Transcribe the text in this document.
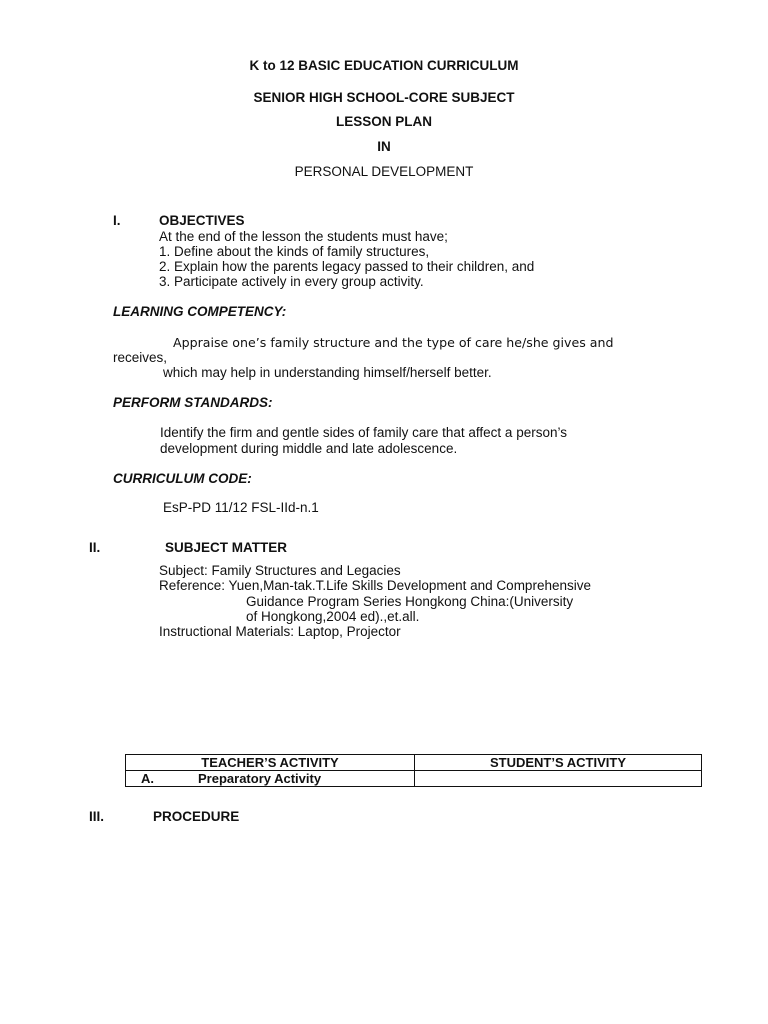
K to 12 BASIC EDUCATION CURRICULUM
SENIOR HIGH SCHOOL-CORE SUBJECT
LESSON PLAN
IN
PERSONAL DEVELOPMENT
I.	OBJECTIVES
At the end of the lesson the students must have;
1. Define about the kinds of family structures,
2. Explain how the parents legacy passed to their children, and
3. Participate actively in every group activity.
LEARNING COMPETENCY:
Appraise one’s family structure and the type of care he/she gives and
receives,
which may help in understanding himself/herself better.
PERFORM STANDARDS:
Identify the firm and gentle sides of family care that affect a person’s
development during middle and late adolescence.
CURRICULUM CODE:
EsP-PD 11/12 FSL-IId-n.1
II.	SUBJECT MATTER
Subject: Family Structures and Legacies
Reference: Yuen,Man-tak.T.Life Skills Development and Comprehensive
Guidance Program Series Hongkong China:(University
of Hongkong,2004 ed).,et.all.
Instructional Materials: Laptop, Projector
TEACHER’S ACTIVITY	STUDENT’S ACTIVITY

A. Preparatory Activity	

III.	PROCEDURE
